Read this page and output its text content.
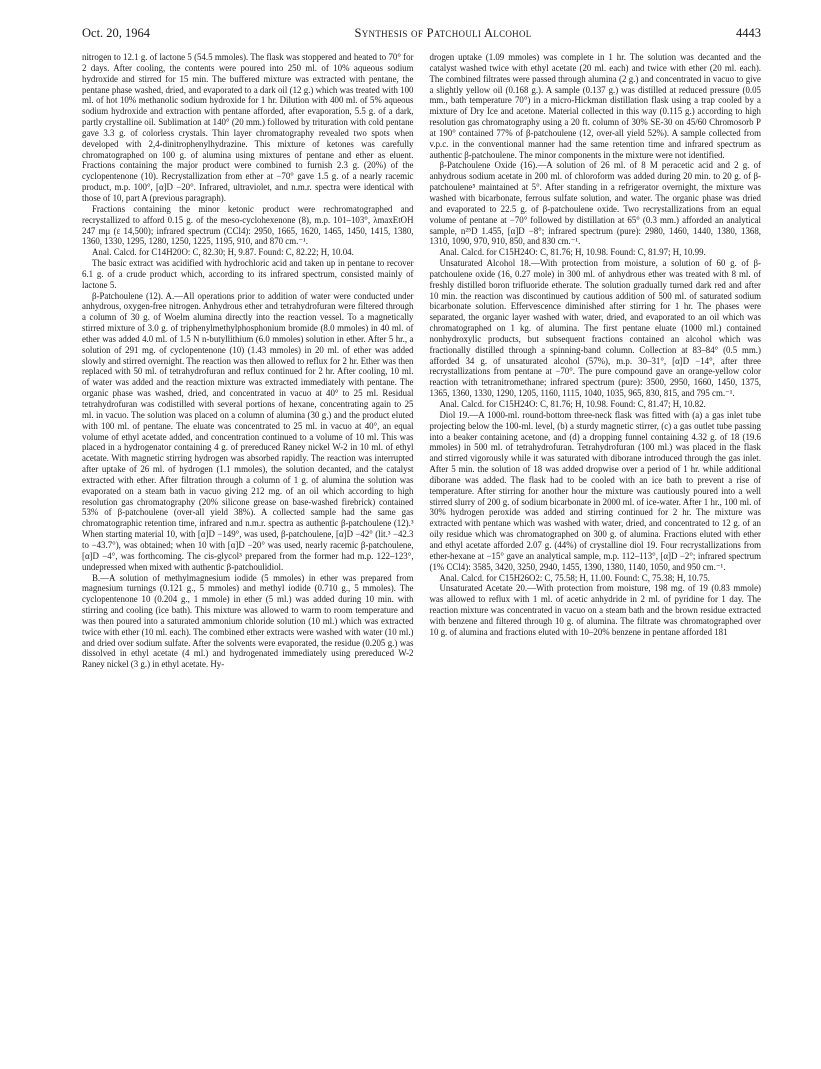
Oct. 20, 1964	Synthesis of Patchouli Alcohol	4443

nitrogen to 12.1 g. of lactone 5 (54.5 mmoles). The flask was stoppered and heated to 70° for 2 days. After cooling, the contents were poured into 250 ml. of 10% aqueous sodium hydroxide and stirred for 15 min. The buffered mixture was extracted with pentane, the pentane phase washed, dried, and evaporated to a dark oil (12 g.) which was treated with 100 ml. of hot 10% methanolic sodium hydroxide for 1 hr. Dilution with 400 ml. of 5% aqueous sodium hydroxide and extraction with pentane afforded, after evaporation, 5.5 g. of a dark, partly crystalline oil. Sublimation at 140° (20 mm.) followed by trituration with cold pentane gave 3.3 g. of colorless crystals. Thin layer chromatography revealed two spots when developed with 2,4-dinitrophenylhydrazine. This mixture of ketones was carefully chromatographed on 100 g. of alumina using mixtures of pentane and ether as eluent. Fractions containing the major product were combined to furnish 2.3 g. (20%) of the cyclopentenone (10). Recrystallization from ether at −70° gave 1.5 g. of a nearly racemic product, m.p. 100°, [α]D −20°. Infrared, ultraviolet, and n.m.r. spectra were identical with those of 10, part A (previous paragraph).

Fractions containing the minor ketonic product were rechromatographed and recrystallized to afford 0.15 g. of the meso-cyclohexenone (8), m.p. 101–103°, λmaxEtOH 247 mμ (ε 14,500); infrared spectrum (CCl4): 2950, 1665, 1620, 1465, 1450, 1415, 1380, 1360, 1330, 1295, 1280, 1250, 1225, 1195, 910, and 870 cm.⁻¹.

Anal. Calcd. for C14H20O: C, 82.30; H, 9.87. Found: C, 82.22; H, 10.04.

The basic extract was acidified with hydrochloric acid and taken up in pentane to recover 6.1 g. of a crude product which, according to its infrared spectrum, consisted mainly of lactone 5.

β-Patchoulene (12). A.—All operations prior to addition of water were conducted under anhydrous, oxygen-free nitrogen. Anhydrous ether and tetrahydrofuran were filtered through a column of 30 g. of Woelm alumina directly into the reaction vessel. To a magnetically stirred mixture of 3.0 g. of triphenylmethylphosphonium bromide (8.0 mmoles) in 40 ml. of ether was added 4.0 ml. of 1.5 N n-butyllithium (6.0 mmoles) solution in ether. After 5 hr., a solution of 291 mg. of cyclopentenone (10) (1.43 mmoles) in 20 ml. of ether was added slowly and stirred overnight. The reaction was then allowed to reflux for 2 hr. Ether was then replaced with 50 ml. of tetrahydrofuran and reflux continued for 2 hr. After cooling, 10 ml. of water was added and the reaction mixture was extracted immediately with pentane. The organic phase was washed, dried, and concentrated in vacuo at 40° to 25 ml. Residual tetrahydrofuran was codistilled with several portions of hexane, concentrating again to 25 ml. in vacuo. The solution was placed on a column of alumina (30 g.) and the product eluted with 100 ml. of pentane. The eluate was concentrated to 25 ml. in vacuo at 40°, an equal volume of ethyl acetate added, and concentration continued to a volume of 10 ml. This was placed in a hydrogenator containing 4 g. of prereduced Raney nickel W-2 in 10 ml. of ethyl acetate. With magnetic stirring hydrogen was absorbed rapidly. The reaction was interrupted after uptake of 26 ml. of hydrogen (1.1 mmoles), the solution decanted, and the catalyst extracted with ether. After filtration through a column of 1 g. of alumina the solution was evaporated on a steam bath in vacuo giving 212 mg. of an oil which according to high resolution gas chromatography (20% silicone grease on base-washed firebrick) contained 53% of β-patchoulene (over-all yield 38%). A collected sample had the same gas chromatographic retention time, infrared and n.m.r. spectra as authentic β-patchoulene (12).³ When starting material 10, with [α]D −149°, was used, β-patchoulene, [α]D −42° (lit.³ −42.3 to −43.7°), was obtained; when 10 with [α]D −20° was used, nearly racemic β-patchoulene, [α]D −4°, was forthcoming. The cis-glycol³ prepared from the former had m.p. 122–123°, undepressed when mixed with authentic β-patchoulidiol.

B.—A solution of methylmagnesium iodide (5 mmoles) in ether was prepared from magnesium turnings (0.121 g., 5 mmoles) and methyl iodide (0.710 g., 5 mmoles). The cyclopentenone 10 (0.204 g., 1 mmole) in ether (5 ml.) was added during 10 min. with stirring and cooling (ice bath). This mixture was allowed to warm to room temperature and was then poured into a saturated ammonium chloride solution (10 ml.) which was extracted twice with ether (10 ml. each). The combined ether extracts were washed with water (10 ml.) and dried over sodium sulfate. After the solvents were evaporated, the residue (0.205 g.) was dissolved in ethyl acetate (4 ml.) and hydrogenated immediately using prereduced W-2 Raney nickel (3 g.) in ethyl acetate. Hy-

drogen uptake (1.09 mmoles) was complete in 1 hr. The solution was decanted and the catalyst washed twice with ethyl acetate (20 ml. each) and twice with ether (20 ml. each). The combined filtrates were passed through alumina (2 g.) and concentrated in vacuo to give a slightly yellow oil (0.168 g.). A sample (0.137 g.) was distilled at reduced pressure (0.05 mm., bath temperature 70°) in a micro-Hickman distillation flask using a trap cooled by a mixture of Dry Ice and acetone. Material collected in this way (0.115 g.) according to high resolution gas chromatography using a 20 ft. column of 30% SE-30 on 45/60 Chromosorb P at 190° contained 77% of β-patchoulene (12, over-all yield 52%). A sample collected from v.p.c. in the conventional manner had the same retention time and infrared spectrum as authentic β-patchoulene. The minor components in the mixture were not identified.

β-Patchoulene Oxide (16).—A solution of 26 ml. of 8 M peracetic acid and 2 g. of anhydrous sodium acetate in 200 ml. of chloroform was added during 20 min. to 20 g. of β-patchoulene⁵ maintained at 5°. After standing in a refrigerator overnight, the mixture was washed with bicarbonate, ferrous sulfate solution, and water. The organic phase was dried and evaporated to 22.5 g. of β-patchoulene oxide. Two recrystallizations from an equal volume of pentane at −70° followed by distillation at 65° (0.3 mm.) afforded an analytical sample, n²⁵D 1.455, [α]D −8°; infrared spectrum (pure): 2980, 1460, 1440, 1380, 1368, 1310, 1090, 970, 910, 850, and 830 cm.⁻¹.

Anal. Calcd. for C15H24O: C, 81.76; H, 10.98. Found: C, 81.97; H, 10.99.

Unsaturated Alcohol 18.—With protection from moisture, a solution of 60 g. of β-patchoulene oxide (16, 0.27 mole) in 300 ml. of anhydrous ether was treated with 8 ml. of freshly distilled boron trifluoride etherate. The solution gradually turned dark red and after 10 min. the reaction was discontinued by cautious addition of 500 ml. of saturated sodium bicarbonate solution. Effervescence diminished after stirring for 1 hr. The phases were separated, the organic layer washed with water, dried, and evaporated to an oil which was chromatographed on 1 kg. of alumina. The first pentane eluate (1000 ml.) contained nonhydroxylic products, but subsequent fractions contained an alcohol which was fractionally distilled through a spinning-band column. Collection at 83–84° (0.5 mm.) afforded 34 g. of unsaturated alcohol (57%), m.p. 30–31°, [α]D −14°, after three recrystallizations from pentane at −70°. The pure compound gave an orange-yellow color reaction with tetranitromethane; infrared spectrum (pure): 3500, 2950, 1660, 1450, 1375, 1365, 1360, 1330, 1290, 1205, 1160, 1115, 1040, 1035, 965, 830, 815, and 795 cm.⁻¹.

Anal. Calcd. for C15H24O: C, 81.76; H, 10.98. Found: C, 81.47; H, 10.82.

Diol 19.—A 1000-ml. round-bottom three-neck flask was fitted with (a) a gas inlet tube projecting below the 100-ml. level, (b) a sturdy magnetic stirrer, (c) a gas outlet tube passing into a beaker containing acetone, and (d) a dropping funnel containing 4.32 g. of 18 (19.6 mmoles) in 500 ml. of tetrahydrofuran. Tetrahydrofuran (100 ml.) was placed in the flask and stirred vigorously while it was saturated with diborane introduced through the gas inlet. After 5 min. the solution of 18 was added dropwise over a period of 1 hr. while additional diborane was added. The flask had to be cooled with an ice bath to prevent a rise of temperature. After stirring for another hour the mixture was cautiously poured into a well stirred slurry of 200 g. of sodium bicarbonate in 2000 ml. of ice-water. After 1 hr., 100 ml. of 30% hydrogen peroxide was added and stirring continued for 2 hr. The mixture was extracted with pentane which was washed with water, dried, and concentrated to 12 g. of an oily residue which was chromatographed on 300 g. of alumina. Fractions eluted with ether and ethyl acetate afforded 2.07 g. (44%) of crystalline diol 19. Four recrystallizations from ether-hexane at −15° gave an analytical sample, m.p. 112–113°, [α]D −2°; infrared spectrum (1% CCl4): 3585, 3420, 3250, 2940, 1455, 1390, 1380, 1140, 1050, and 950 cm.⁻¹.

Anal. Calcd. for C15H26O2: C, 75.58; H, 11.00. Found: C, 75.38; H, 10.75.

Unsaturated Acetate 20.—With protection from moisture, 198 mg. of 19 (0.83 mmole) was allowed to reflux with 1 ml. of acetic anhydride in 2 ml. of pyridine for 1 day. The reaction mixture was concentrated in vacuo on a steam bath and the brown residue extracted with benzene and filtered through 10 g. of alumina. The filtrate was chromatographed over 10 g. of alumina and fractions eluted with 10–20% benzene in pentane afforded 181
